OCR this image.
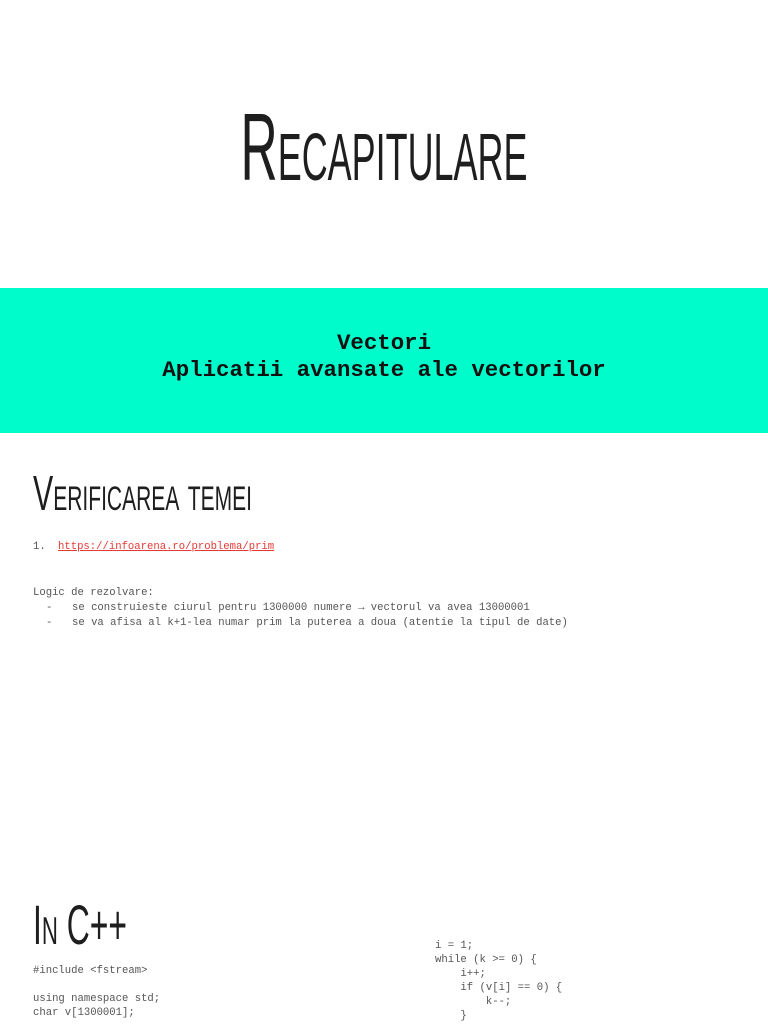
Recapitulare
Vectori
Aplicatii avansate ale vectorilor
Verificarea temei
1. https://infoarena.ro/problema/prim
Logic de rezolvare:
- se construieste ciurul pentru 1300000 numere → vectorul va avea 13000001
- se va afisa al k+1-lea numar prim la puterea a doua (atentie la tipul de date)
In C++
#include <fstream>
using namespace std;
char v[1300001];
i = 1;
while (k >= 0) {
i++;
if (v[i] == 0) {
k--;
}
